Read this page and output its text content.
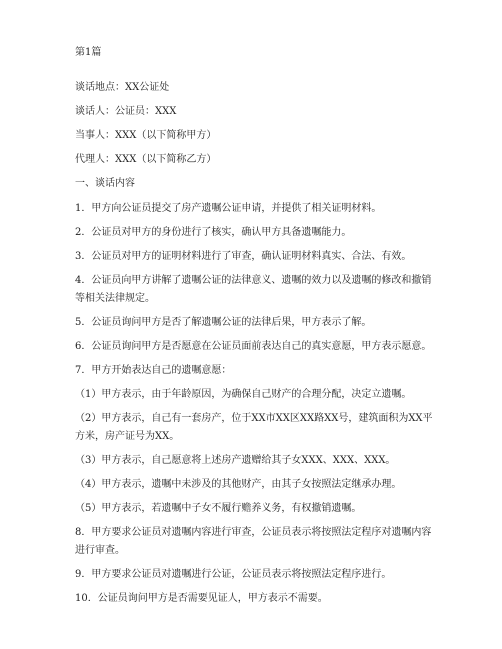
第1篇
谈话地点：XX公证处
谈话人：公证员：XXX
当事人：XXX（以下简称甲方）
代理人：XXX（以下简称乙方）
一、谈话内容
1．甲方向公证员提交了房产遗嘱公证申请，并提供了相关证明材料。
2．公证员对甲方的身份进行了核实，确认甲方具备遗嘱能力。
3．公证员对甲方的证明材料进行了审查，确认证明材料真实、合法、有效。
4．公证员向甲方讲解了遗嘱公证的法律意义、遗嘱的效力以及遗嘱的修改和撤销
等相关法律规定。
5．公证员询问甲方是否了解遗嘱公证的法律后果，甲方表示了解。
6．公证员询问甲方是否愿意在公证员面前表达自己的真实意愿，甲方表示愿意。
7．甲方开始表达自己的遗嘱意愿：
（1）甲方表示，由于年龄原因，为确保自己财产的合理分配，决定立遗嘱。
（2）甲方表示，自己有一套房产，位于XX市XX区XX路XX号，建筑面积为XX平
方米，房产证号为XX。
（3）甲方表示，自己愿意将上述房产遗赠给其子女XXX、XXX、XXX。
（4）甲方表示，遗嘱中未涉及的其他财产，由其子女按照法定继承办理。
（5）甲方表示，若遗嘱中子女不履行赡养义务，有权撤销遗嘱。
8．甲方要求公证员对遗嘱内容进行审查，公证员表示将按照法定程序对遗嘱内容
进行审查。
9．甲方要求公证员对遗嘱进行公证，公证员表示将按照法定程序进行。
10．公证员询问甲方是否需要见证人，甲方表示不需要。
